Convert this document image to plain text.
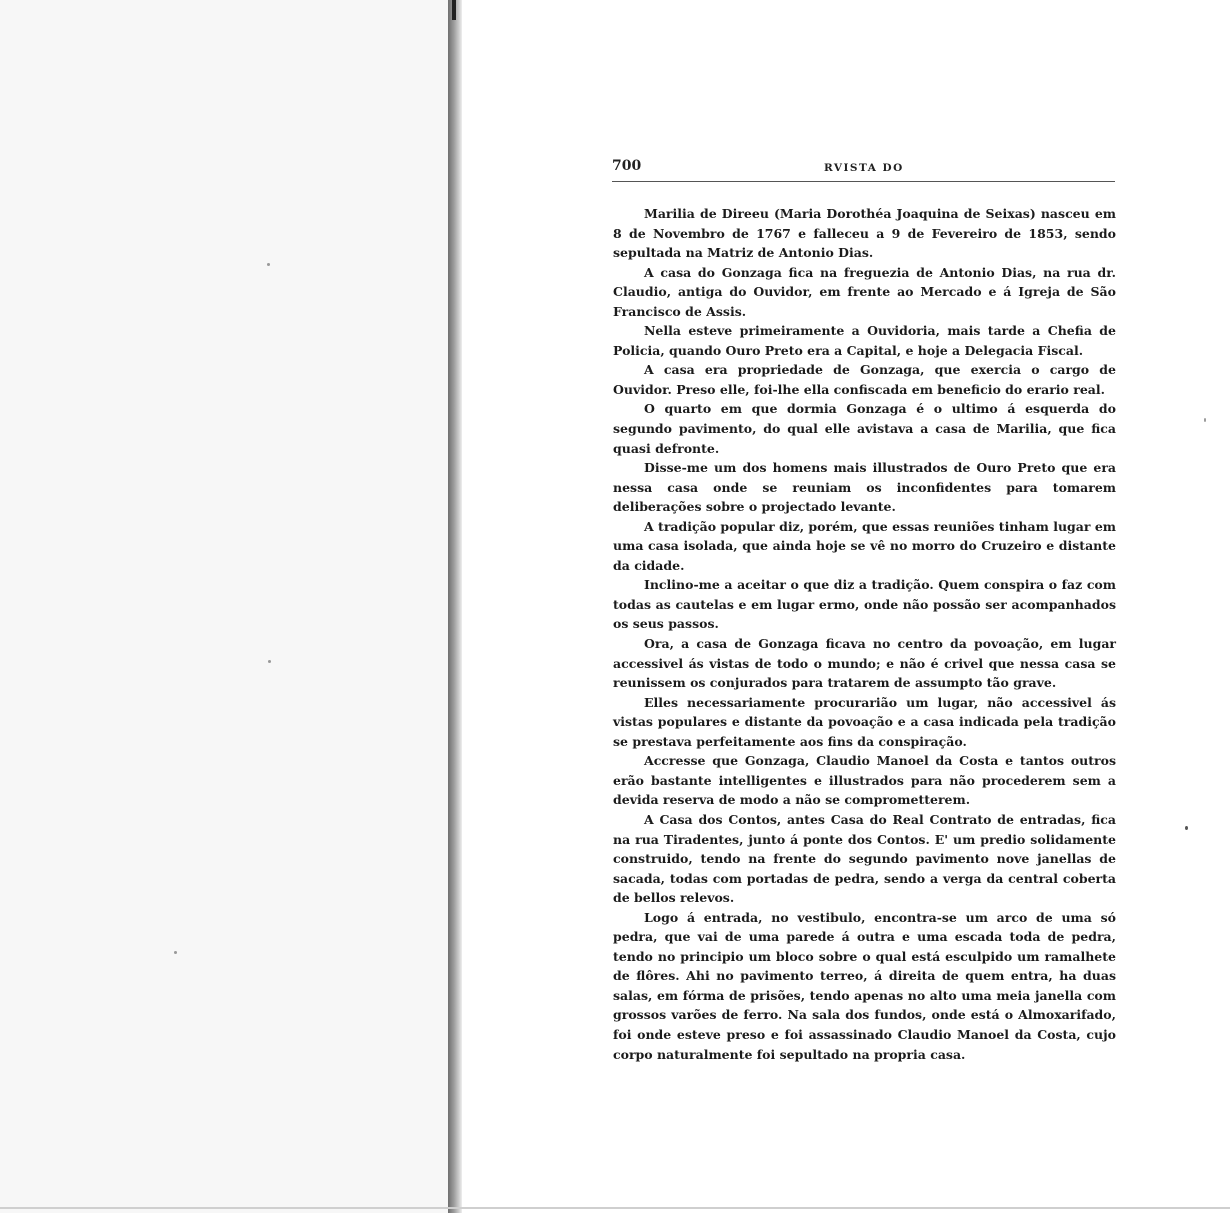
700	RVISTA DO

Marilia de Direeu (Maria Dorothéa Joaquina de Seixas) nasceu em 8 de Novembro de 1767 e falleceu a 9 de Fevereiro de 1853, sendo sepultada na Matriz de Antonio Dias.

A casa do Gonzaga fica na freguezia de Antonio Dias, na rua dr. Claudio, antiga do Ouvidor, em frente ao Mercado e á Igreja de São Francisco de Assis.

Nella esteve primeiramente a Ouvidoria, mais tarde a Chefia de Policia, quando Ouro Preto era a Capital, e hoje a Delegacia Fiscal.

A casa era propriedade de Gonzaga, que exercia o cargo de Ouvidor. Preso elle, foi-lhe ella confiscada em beneficio do erario real.

O quarto em que dormia Gonzaga é o ultimo á esquerda do segundo pavimento, do qual elle avistava a casa de Marilia, que fica quasi defronte.

Disse-me um dos homens mais illustrados de Ouro Preto que era nessa casa onde se reuniam os inconfidentes para tomarem deliberações sobre o projectado levante.

A tradição popular diz, porém, que essas reuniões tinham lugar em uma casa isolada, que ainda hoje se vê no morro do Cruzeiro e distante da cidade.

Inclino-me a aceitar o que diz a tradição. Quem conspira o faz com todas as cautelas e em lugar ermo, onde não possão ser acompanhados os seus passos.

Ora, a casa de Gonzaga ficava no centro da povoação, em lugar accessivel ás vistas de todo o mundo; e não é crivel que nessa casa se reunissem os conjurados para tratarem de assumpto tão grave.

Elles necessariamente procurarião um lugar, não accessivel ás vistas populares e distante da povoação e a casa indicada pela tradição se prestava perfeitamente aos fins da conspiração.

Accresse que Gonzaga, Claudio Manoel da Costa e tantos outros erão bastante intelligentes e illustrados para não procederem sem a devida reserva de modo a não se comprometterem.

A Casa dos Contos, antes Casa do Real Contrato de entradas, fica na rua Tiradentes, junto á ponte dos Contos. E' um predio solidamente construido, tendo na frente do segundo pavimento nove janellas de sacada, todas com portadas de pedra, sendo a verga da central coberta de bellos relevos.

Logo á entrada, no vestibulo, encontra-se um arco de uma só pedra, que vai de uma parede á outra e uma escada toda de pedra, tendo no principio um bloco sobre o qual está esculpido um ramalhete de flôres. Ahi no pavimento terreo, á direita de quem entra, ha duas salas, em fórma de prisões, tendo apenas no alto uma meia janella com grossos varões de ferro. Na sala dos fundos, onde está o Almoxarifado, foi onde esteve preso e foi assassinado Claudio Manoel da Costa, cujo corpo naturalmente foi sepultado na propria casa.
